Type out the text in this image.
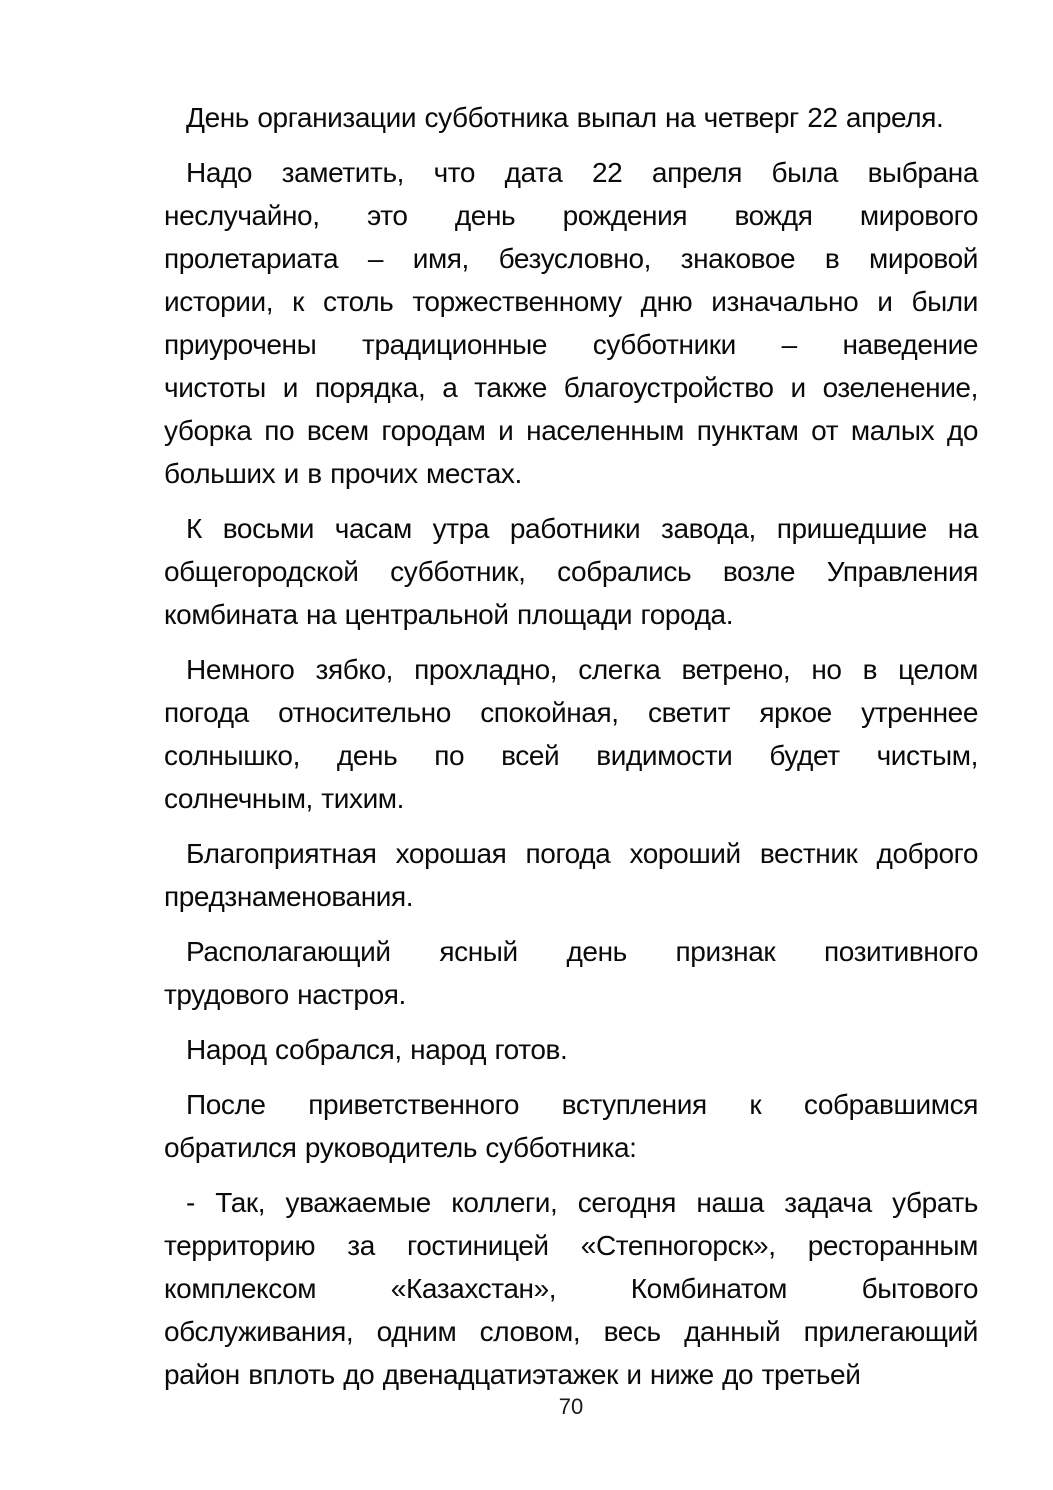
День организации субботника выпал на четверг 22 апреля.
Надо заметить, что дата 22 апреля была выбрана
неслучайно, это день рождения вождя мирового
пролетариата – имя, безусловно, знаковое в мировой
истории, к столь торжественному дню изначально и были
приурочены традиционные субботники – наведение
чистоты и порядка, а также благоустройство и озеленение,
уборка по всем городам и населенным пунктам от малых до
больших и в прочих местах.
К восьми часам утра работники завода, пришедшие на
общегородской субботник, собрались возле Управления
комбината на центральной площади города.
Немного зябко, прохладно, слегка ветрено, но в целом
погода относительно спокойная, светит яркое утреннее
солнышко, день по всей видимости будет чистым,
солнечным, тихим.
Благоприятная хорошая погода хороший вестник доброго
предзнаменования.
Располагающий ясный день признак позитивного
трудового настроя.
Народ собрался, народ готов.
После приветственного вступления к собравшимся
обратился руководитель субботника:
- Так, уважаемые коллеги, сегодня наша задача убрать
территорию за гостиницей «Степногорск», ресторанным
комплексом «Казахстан», Комбинатом бытового
обслуживания, одним словом, весь данный прилегающий
район вплоть до двенадцатиэтажек и ниже до третьей
70
